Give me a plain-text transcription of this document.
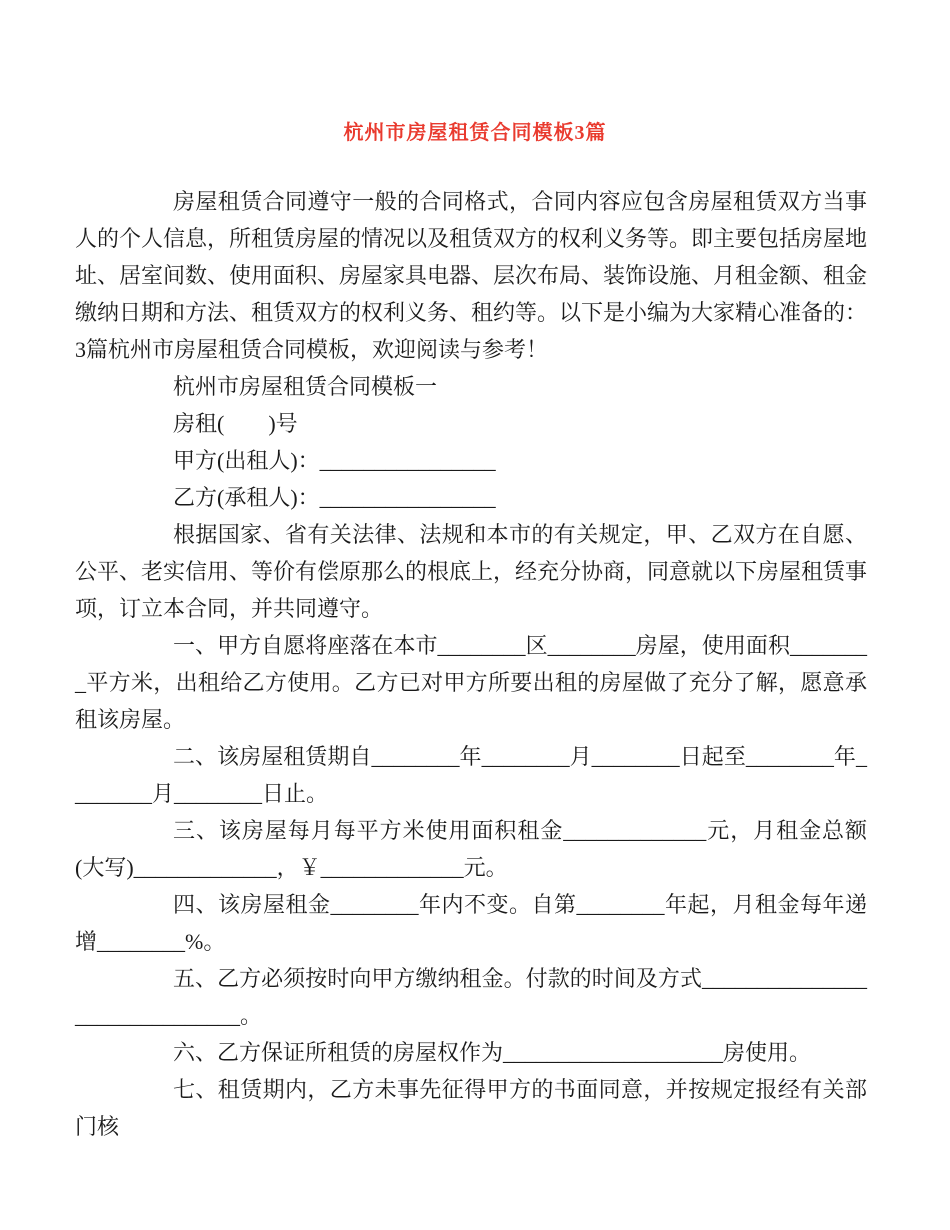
杭州市房屋租赁合同模板3篇

房屋租赁合同遵守一般的合同格式，合同内容应包含房屋租赁双方当事人的个人信息，所租赁房屋的情况以及租赁双方的权利义务等。即主要包括房屋地址、居室间数、使用面积、房屋家具电器、层次布局、装饰设施、月租金额、租金缴纳日期和方法、租赁双方的权利义务、租约等。以下是小编为大家精心准备的：3篇杭州市房屋租赁合同模板，欢迎阅读与参考！

杭州市房屋租赁合同模板一

房租(　　)号

甲方(出租人)：________________

乙方(承租人)：________________

根据国家、省有关法律、法规和本市的有关规定，甲、乙双方在自愿、公平、老实信用、等价有偿原那么的根底上，经充分协商，同意就以下房屋租赁事项，订立本合同，并共同遵守。

一、甲方自愿将座落在本市________区________房屋，使用面积________平方米，出租给乙方使用。乙方已对甲方所要出租的房屋做了充分了解，愿意承租该房屋。

二、该房屋租赁期自________年________月________日起至________年________月________日止。

三、该房屋每月每平方米使用面积租金_____________元，月租金总额(大写)_____________，￥_____________元。

四、该房屋租金________年内不变。自第________年起，月租金每年递增________%。

五、乙方必须按时向甲方缴纳租金。付款的时间及方式______________________________。

六、乙方保证所租赁的房屋权作为____________________房使用。

七、租赁期内，乙方未事先征得甲方的书面同意，并按规定报经有关部门核
